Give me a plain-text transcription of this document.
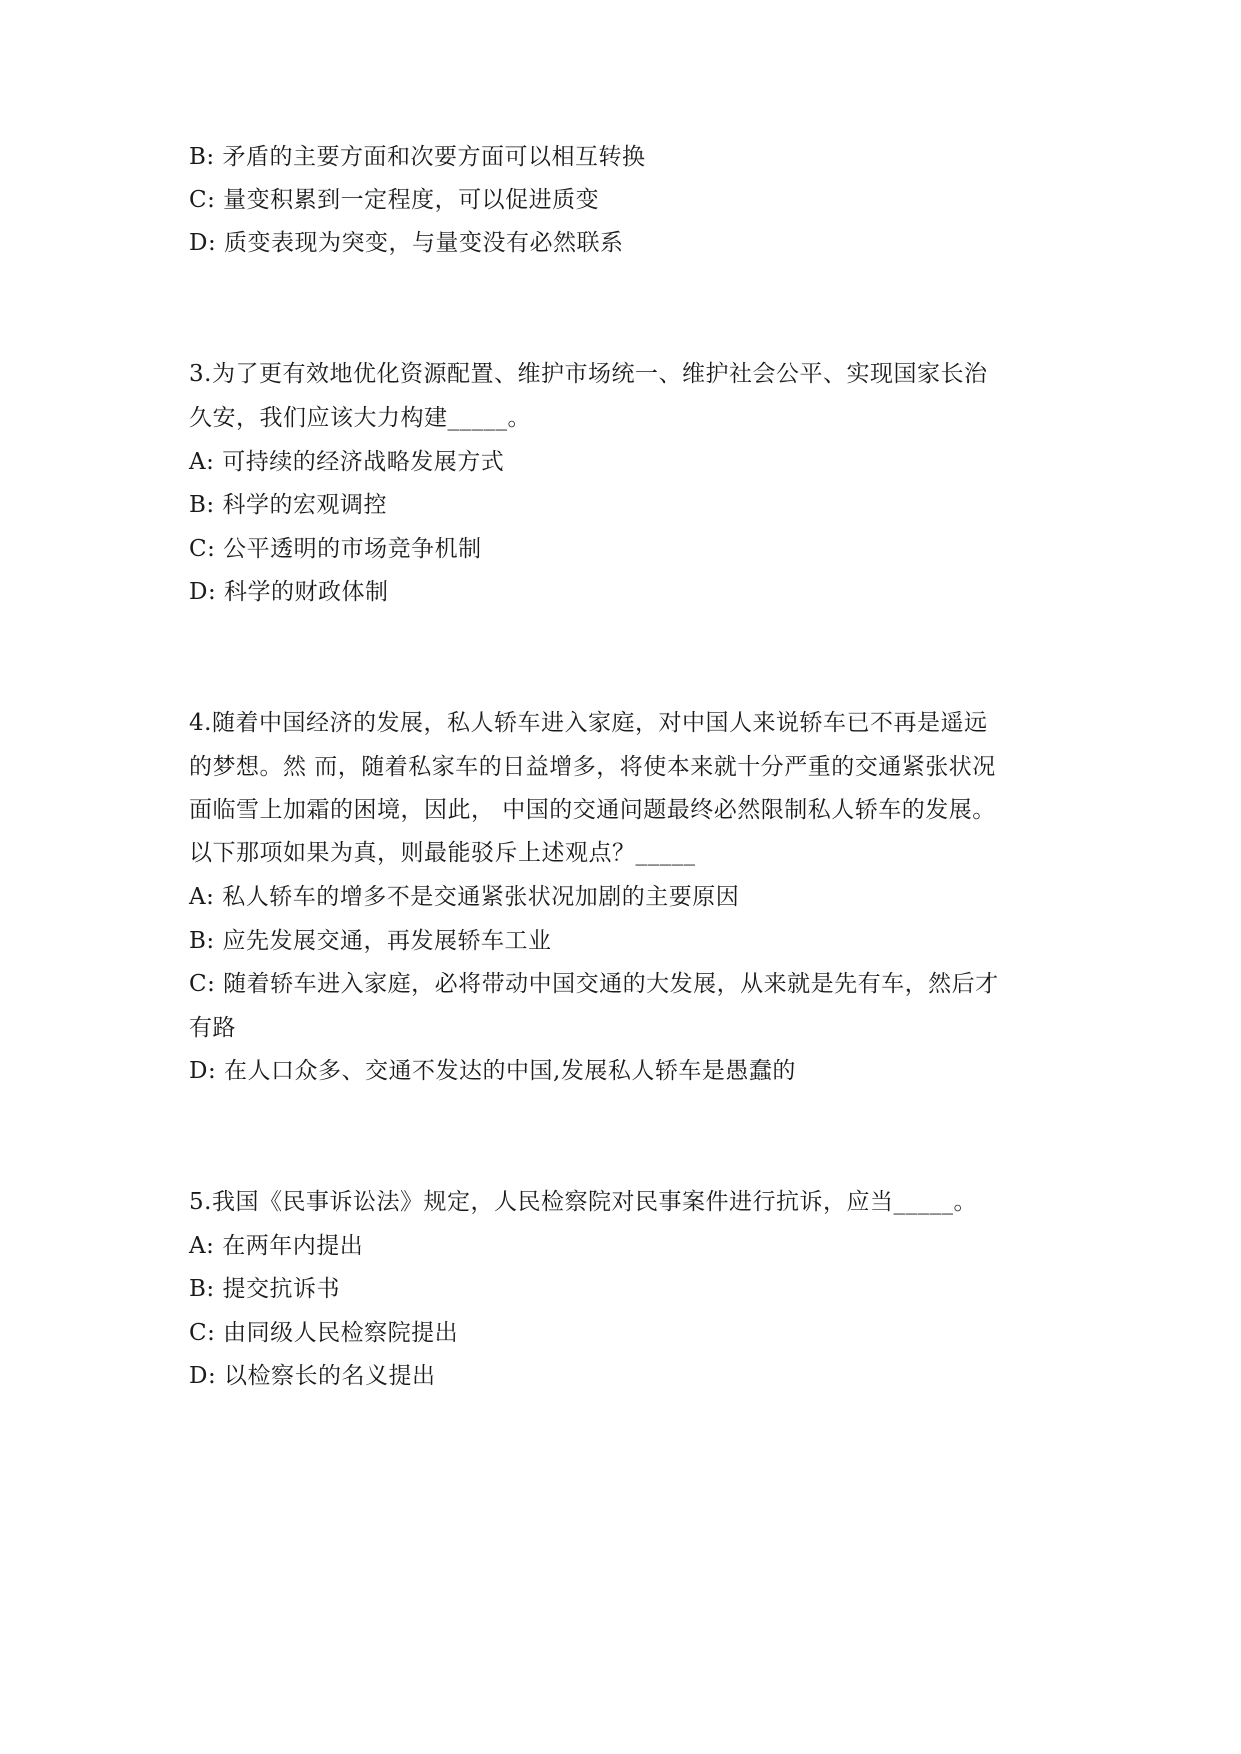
B: 矛盾的主要方面和次要方面可以相互转换
C: 量变积累到一定程度，可以促进质变
D: 质变表现为突变，与量变没有必然联系
3.为了更有效地优化资源配置、维护市场统一、维护社会公平、实现国家长治
久安，我们应该大力构建_____。
A: 可持续的经济战略发展方式
B: 科学的宏观调控
C: 公平透明的市场竞争机制
D: 科学的财政体制
4.随着中国经济的发展，私人轿车进入家庭，对中国人来说轿车已不再是遥远
的梦想。然 而，随着私家车的日益增多，将使本来就十分严重的交通紧张状况
面临雪上加霜的困境，因此， 中国的交通问题最终必然限制私人轿车的发展。
以下那项如果为真，则最能驳斥上述观点？_____
A: 私人轿车的增多不是交通紧张状况加剧的主要原因
B: 应先发展交通，再发展轿车工业
C: 随着轿车进入家庭，必将带动中国交通的大发展，从来就是先有车，然后才
有路
D: 在人口众多、交通不发达的中国,发展私人轿车是愚蠢的
5.我国《民事诉讼法》规定，人民检察院对民事案件进行抗诉，应当_____。
A: 在两年内提出
B: 提交抗诉书
C: 由同级人民检察院提出
D: 以检察长的名义提出
